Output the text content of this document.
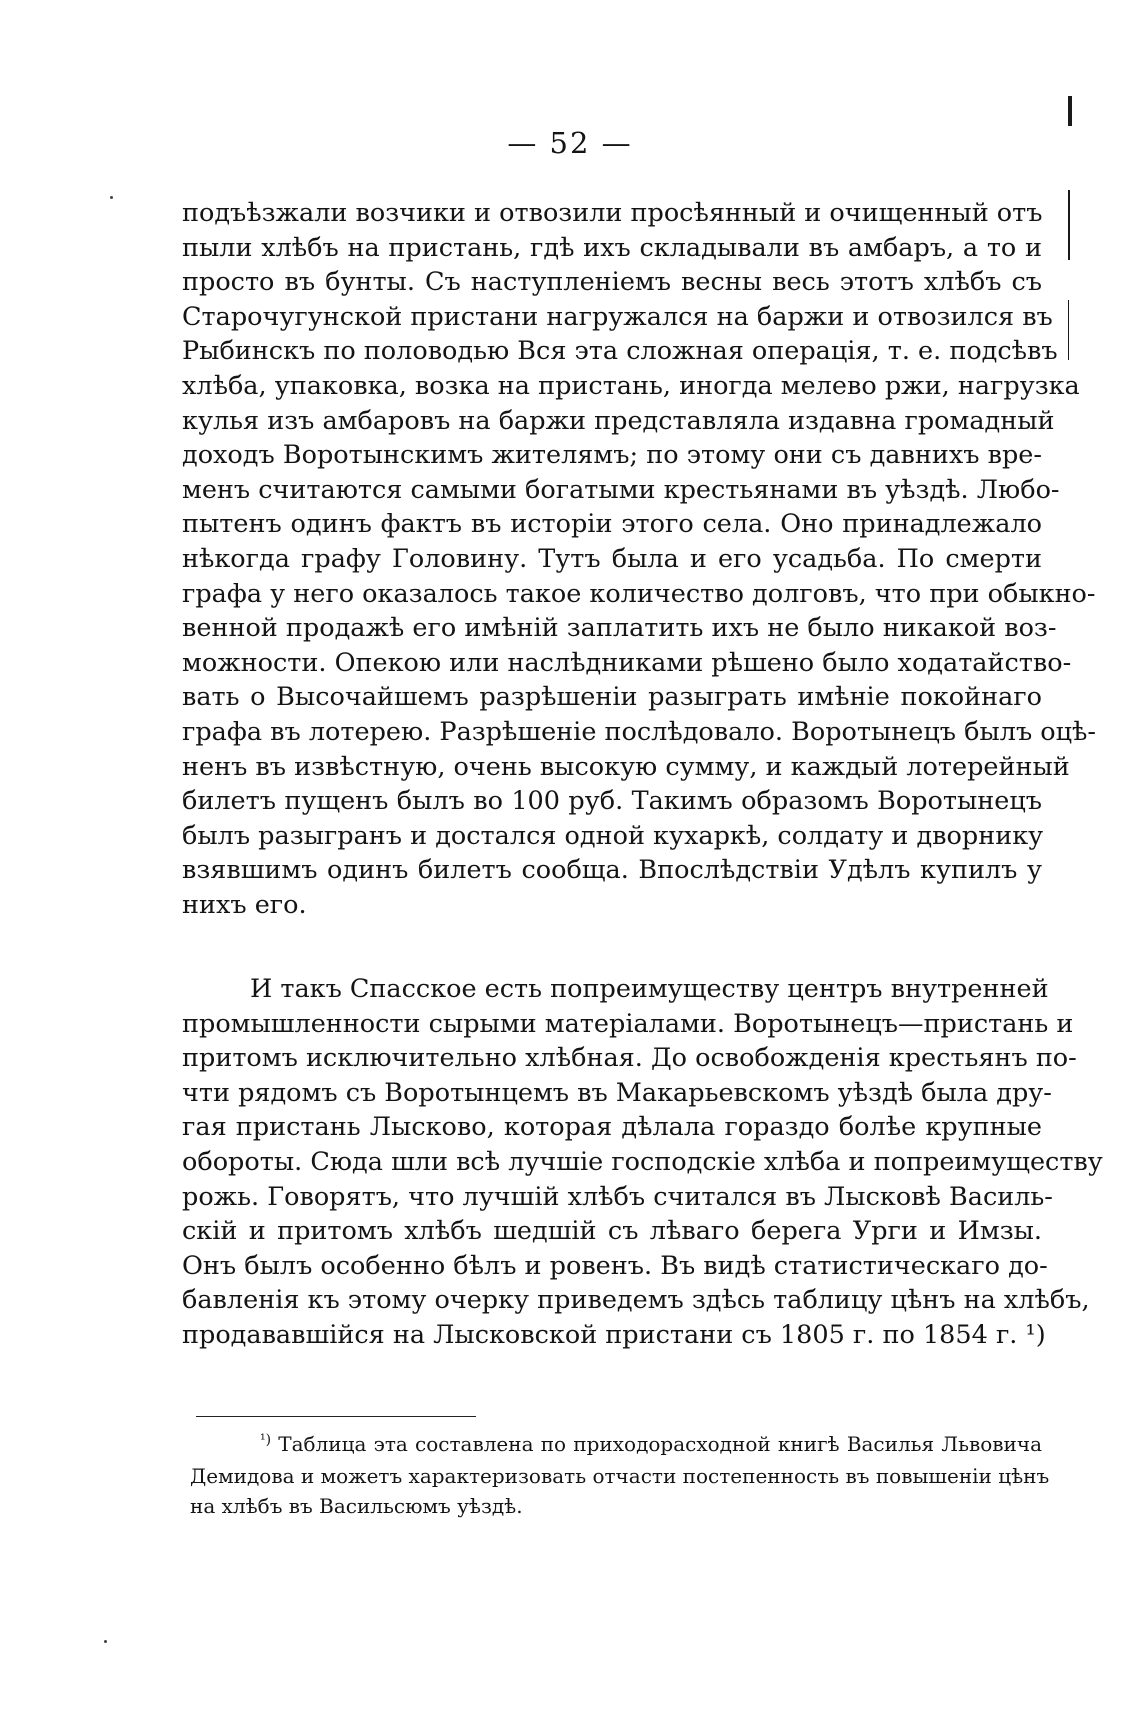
— 52 —
подъѣзжали возчики и отвозили просѣянный и очищенный отъ
пыли хлѣбъ на пристань, гдѣ ихъ складывали въ амбаръ, а то и
просто въ бунты. Съ наступленіемъ весны весь этотъ хлѣбъ съ
Старочугунской пристани нагружался на баржи и отвозился въ
Рыбинскъ по половодью Вся эта сложная операція, т. е. подсѣвъ
хлѣба, упаковка, возка на пристань, иногда мелево ржи, нагрузка
кулья изъ амбаровъ на баржи представляла издавна громадный
доходъ Воротынскимъ жителямъ; по этому они съ давнихъ вре-
менъ считаются самыми богатыми крестьянами въ уѣздѣ. Любо-
пытенъ одинъ фактъ въ исторіи этого села. Оно принадлежало
нѣкогда графу Головину. Тутъ была и его усадьба. По смерти
графа у него оказалось такое количество долговъ, что при обыкно-
венной продажѣ его имѣній заплатить ихъ не было никакой воз-
можности. Опекою или наслѣдниками рѣшено было ходатайство-
вать о Высочайшемъ разрѣшеніи разыграть имѣніе покойнаго
графа въ лотерею. Разрѣшеніе послѣдовало. Воротынецъ былъ оцѣ-
ненъ въ извѣстную, очень высокую сумму, и каждый лотерейный
билетъ пущенъ былъ во 100 руб. Такимъ образомъ Воротынецъ
былъ разыгранъ и достался одной кухаркѣ, солдату и дворнику
взявшимъ одинъ билетъ сообща. Впослѣдствіи Удѣлъ купилъ у
нихъ его.
И такъ Спасское есть попреимуществу центръ внутренней
промышленности сырыми матеріалами. Воротынецъ—пристань и
притомъ исключительно хлѣбная. До освобожденія крестьянъ по-
чти рядомъ съ Воротынцемъ въ Макарьевскомъ уѣздѣ была дру-
гая пристань Лысково, которая дѣлала гораздо болѣе крупные
обороты. Сюда шли всѣ лучшіе господскіе хлѣба и попреимуществу
рожь. Говорятъ, что лучшій хлѣбъ считался въ Лысковѣ Василь-
скій и притомъ хлѣбъ шедшій съ лѣваго берега Урги и Имзы.
Онъ былъ особенно бѣлъ и ровенъ. Въ видѣ статистическаго до-
бавленія къ этому очерку приведемъ здѣсь таблицу цѣнъ на хлѣбъ,
продававшійся на Лысковской пристани съ 1805 г. по 1854 г. ¹)
$^{^1)}$ Таблица эта составлена по приходорасходной книгѣ Василья Львовича
Демидова и можетъ характеризовать отчасти постепенность въ повышеніи цѣнъ
на хлѣбъ въ Васильсюмъ уѣздѣ.
